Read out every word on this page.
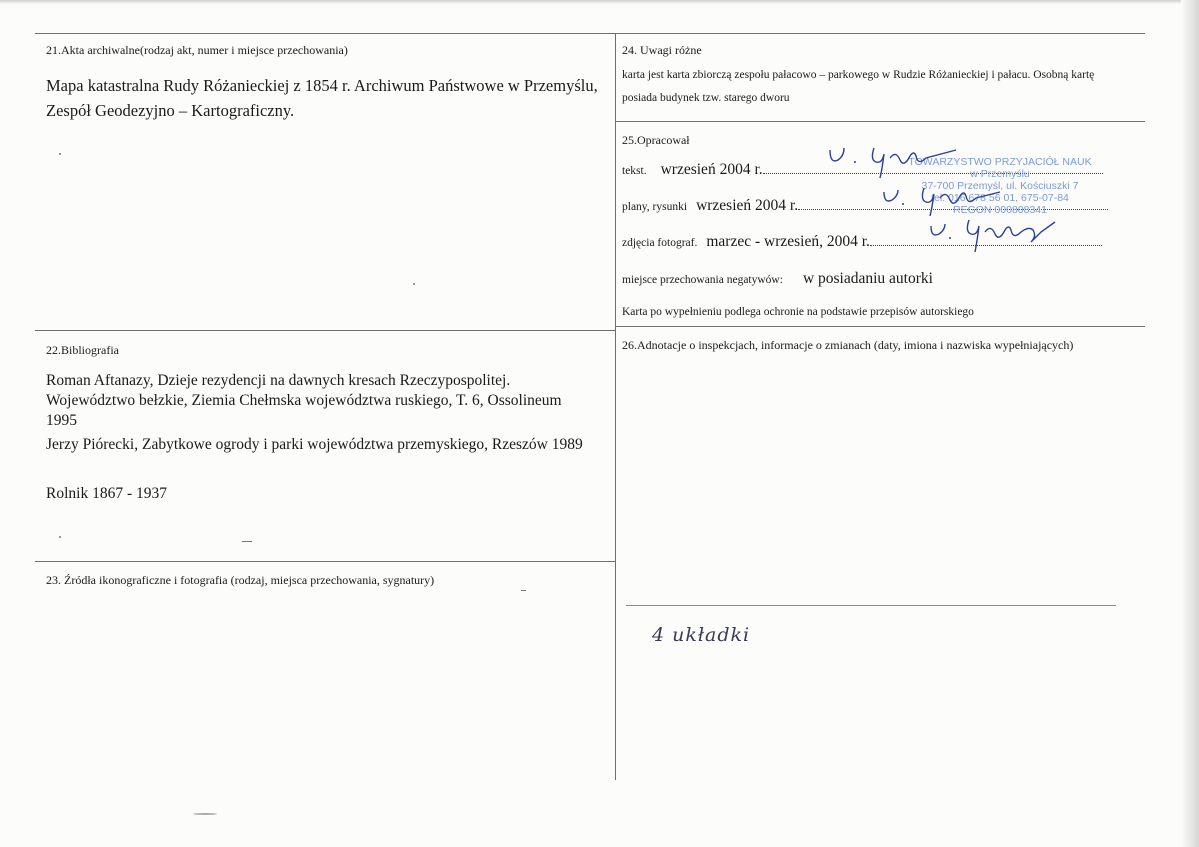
21.Akta archiwalne(rodzaj akt, numer i miejsce przechowania)
Mapa katastralna Rudy Różanieckiej z 1854 r. Archiwum Państwowe w Przemyślu,
Zespół Geodezyjno – Kartograficzny.
22.Bibliografia
Roman Aftanazy, Dzieje rezydencji na dawnych kresach Rzeczypospolitej. Województwo bełzkie, Ziemia Chełmska województwa ruskiego, T. 6, Ossolineum 1995
Jerzy Piórecki, Zabytkowe ogrody i parki województwa przemyskiego, Rzeszów 1989
Rolnik 1867 - 1937
23. Źródła ikonograficzne i fotografia (rodzaj, miejsca przechowania, sygnatury)
24. Uwagi różne
karta jest karta zbiorczą zespołu pałacowo – parkowego w Rudzie Różanieckiej i pałacu. Osobną kartę
posiada budynek tzw. starego dworu
25.Opracował
tekst. wrzesień 2004 r.
plany, rysunki wrzesień 2004 r.
zdjęcia fotograf. marzec - wrzesień, 2004 r.
miejsce przechowania negatywów: w posiadaniu autorki
Karta po wypełnieniu podlega ochronie na podstawie przepisów autorskiego
TOWARZYSTWO PRZYJACIÓŁ NAUK
w Przemyślu
37-700 Przemyśl, ul. Kościuszki 7
tel. 016 678 56 01, 675-07-84
REGON 000808341
26.Adnotacje o inspekcjach, informacje o zmianach (daty, imiona i nazwiska wypełniających)
4 układki
